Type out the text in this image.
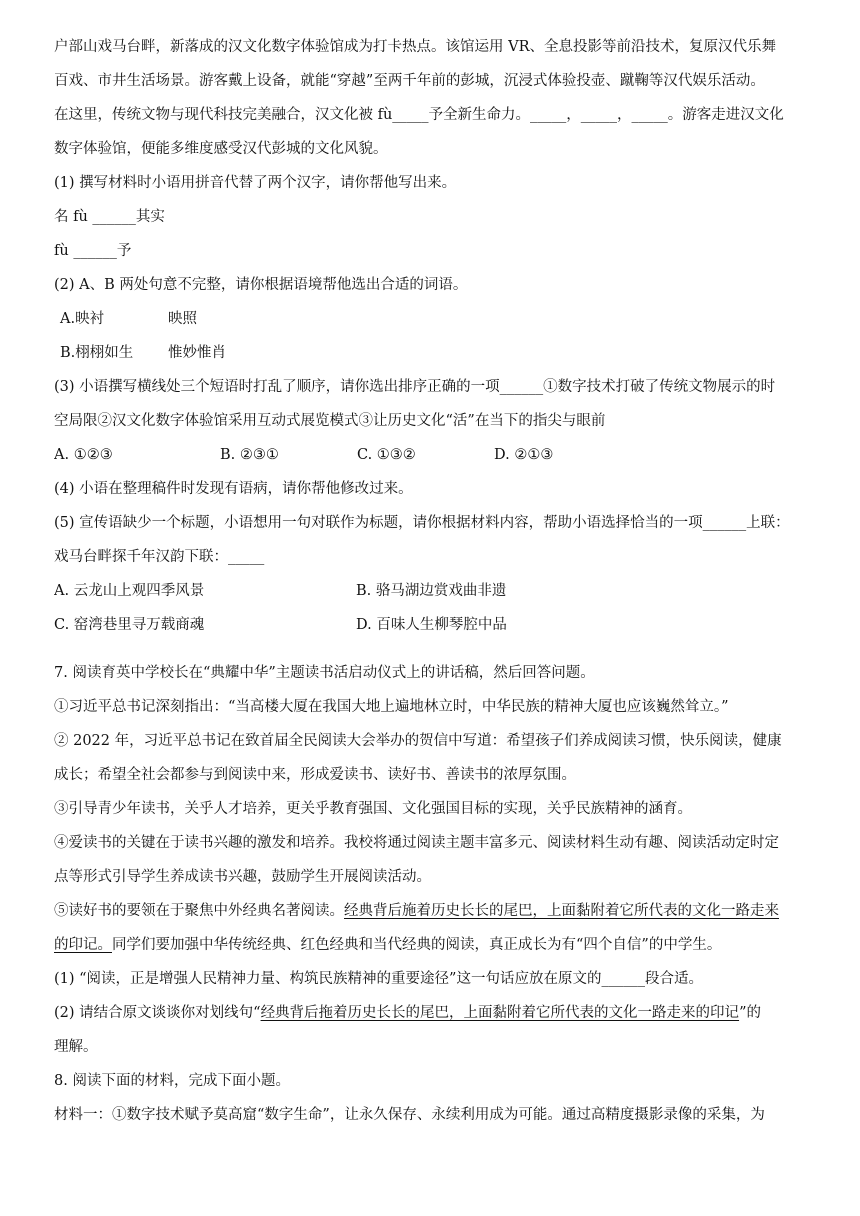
户部山戏马台畔，新落成的汉文化数字体验馆成为打卡热点。该馆运用 VR、全息投影等前沿技术，复原汉代乐舞
百戏、市井生活场景。游客戴上设备，就能“穿越”至两千年前的彭城，沉浸式体验投壶、蹴鞠等汉代娱乐活动。
在这里，传统文物与现代科技完美融合，汉文化被 fù_____予全新生命力。_____，_____，_____。游客走进汉文化
数字体验馆，便能多维度感受汉代彭城的文化风貌。
(1) 撰写材料时小语用拼音代替了两个汉字，请你帮他写出来。
名 fù ______其实
fù ______予
(2) A、B 两处句意不完整，请你根据语境帮他选出合适的词语。
A.映衬	映照
B.栩栩如生 惟妙惟肖
(3) 小语撰写横线处三个短语时打乱了顺序，请你选出排序正确的一项______①数字技术打破了传统文物展示的时
空局限②汉文化数字体验馆采用互动式展览模式③让历史文化“活”在当下的指尖与眼前
A. ①②③	B. ②③①	C. ①③②	D. ②①③
(4) 小语在整理稿件时发现有语病，请你帮他修改过来。
(5) 宣传语缺少一个标题，小语想用一句对联作为标题，请你根据材料内容，帮助小语选择恰当的一项______上联：
戏马台畔探千年汉韵下联：_____
A. 云龙山上观四季风景	B. 骆马湖边赏戏曲非遗
C. 窑湾巷里寻万载商魂	D. 百味人生柳琴腔中品
7. 阅读育英中学校长在“典耀中华”主题读书活启动仪式上的讲话稿，然后回答问题。
①习近平总书记深刻指出：“当高楼大厦在我国大地上遍地林立时，中华民族的精神大厦也应该巍然耸立。”
② 2022 年，习近平总书记在致首届全民阅读大会举办的贺信中写道：希望孩子们养成阅读习惯，快乐阅读，健康
成长；希望全社会都参与到阅读中来，形成爱读书、读好书、善读书的浓厚氛围。
③引导青少年读书，关乎人才培养，更关乎教育强国、文化强国目标的实现，关乎民族精神的涵育。
④爱读书的关键在于读书兴趣的激发和培养。我校将通过阅读主题丰富多元、阅读材料生动有趣、阅读活动定时定
点等形式引导学生养成读书兴趣，鼓励学生开展阅读活动。
⑤读好书的要领在于聚焦中外经典名著阅读。经典背后施着历史长长的尾巴，上面黏附着它所代表的文化一路走来
的印记。同学们要加强中华传统经典、红色经典和当代经典的阅读，真正成长为有“四个自信”的中学生。
(1) “阅读，正是增强人民精神力量、构筑民族精神的重要途径”这一句话应放在原文的______段合适。
(2) 请结合原文谈谈你对划线句“经典背后拖着历史长长的尾巴，上面黏附着它所代表的文化一路走来的印记”的
理解。
8. 阅读下面的材料，完成下面小题。
材料一：①数字技术赋予莫高窟“数字生命”，让永久保存、永续利用成为可能。通过高精度摄影录像的采集，为
